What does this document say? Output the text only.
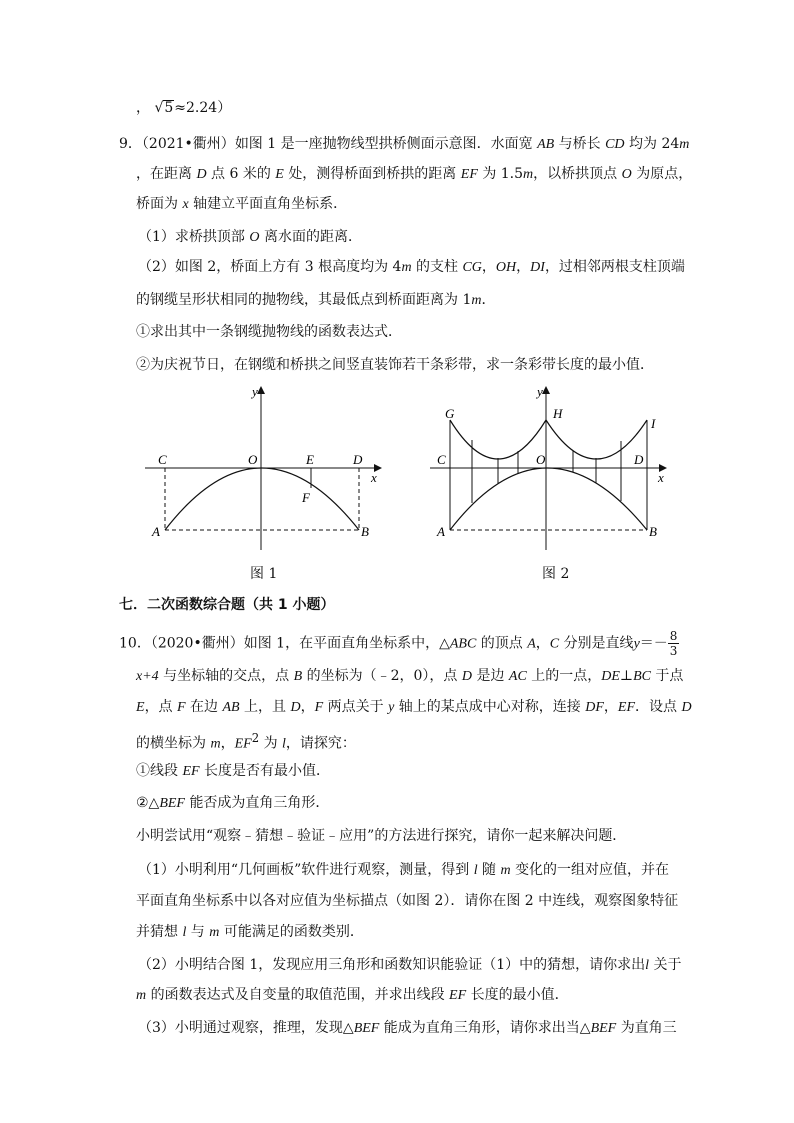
， √5≈2.24）
9．（2021•衢州）如图 1 是一座抛物线型拱桥侧面示意图．水面宽 AB 与桥长 CD 均为 24m
，在距离 D 点 6 米的 E 处，测得桥面到桥拱的距离 EF 为 1.5m，以桥拱顶点 O 为原点，
桥面为 x 轴建立平面直角坐标系．
（1）求桥拱顶部 O 离水面的距离．
（2）如图 2，桥面上方有 3 根高度均为 4m 的支柱 CG，OH，DI，过相邻两根支柱顶端
的钢缆呈形状相同的抛物线，其最低点到桥面距离为 1m．
①求出其中一条钢缆抛物线的函数表达式．
②为庆祝节日，在钢缆和桥拱之间竖直装饰若干条彩带，求一条彩带长度的最小值．
y
x
C	O	E	D
F
A	B
图 1
y
x
G	H
I
C	O	D
A	B
图 2
七．二次函数综合题（共 1 小题）
10．（2020•衢州）如图 1，在平面直角坐标系中，△ABC 的顶点 A，C 分别是直线$y=- \frac{8}{3}$
x+4 与坐标轴的交点，点 B 的坐标为（﹣2，0），点 D 是边 AC 上的一点，DE⊥BC 于点
E，点 F 在边 AB 上，且 D，F 两点关于 y 轴上的某点成中心对称，连接 DF，EF．设点 D
的横坐标为 m，$EF^2$ 为 l，请探究：
①线段 EF 长度是否有最小值．
②△BEF 能否成为直角三角形．
小明尝试用“观察﹣猜想﹣验证﹣应用”的方法进行探究，请你一起来解决问题．
（1）小明利用“几何画板”软件进行观察，测量，得到 l 随 m 变化的一组对应值，并在
平面直角坐标系中以各对应值为坐标描点（如图 2）．请你在图 2 中连线，观察图象特征
并猜想 l 与 m 可能满足的函数类别．
（2）小明结合图 1，发现应用三角形和函数知识能验证（1）中的猜想，请你求出l 关于
m 的函数表达式及自变量的取值范围，并求出线段 EF 长度的最小值．
（3）小明通过观察，推理，发现△BEF 能成为直角三角形，请你求出当△BEF 为直角三
